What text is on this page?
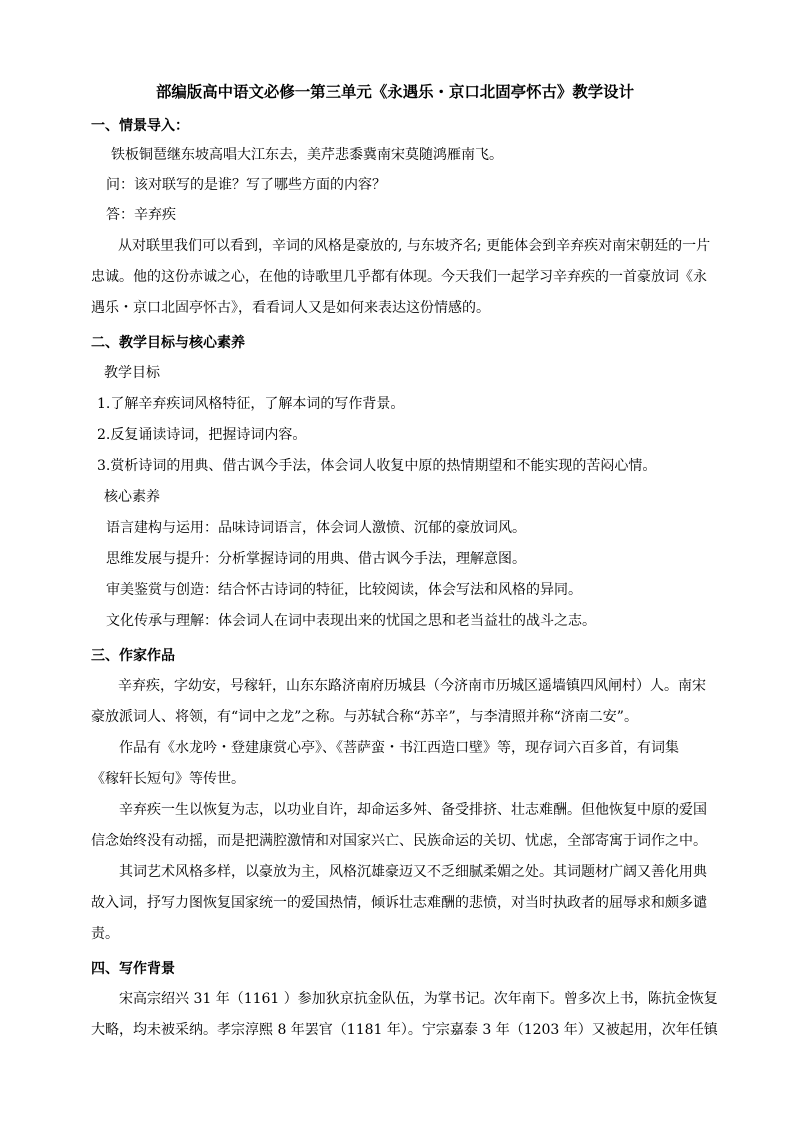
部编版高中语文必修一第三单元《永遇乐・京口北固亭怀古》教学设计
一、情景导入：
铁板铜琶继东坡高唱大江东去，美芹悲黍冀南宋莫随鸿雁南飞。
问：该对联写的是谁？写了哪些方面的内容？
答：辛弃疾
从对联里我们可以看到，辛词的风格是豪放的, 与东坡齐名; 更能体会到辛弃疾对南宋朝廷的一片
忠诚。他的这份赤诚之心，在他的诗歌里几乎都有体现。今天我们一起学习辛弃疾的一首豪放词《永
遇乐・京口北固亭怀古》，看看词人又是如何来表达这份情感的。
二、教学目标与核心素养
教学目标
1.了解辛弃疾词风格特征，了解本词的写作背景。
2.反复诵读诗词，把握诗词内容。
3.赏析诗词的用典、借古讽今手法，体会词人收复中原的热情期望和不能实现的苦闷心情。
核心素养
语言建构与运用：品味诗词语言，体会词人激愤、沉郁的豪放词风。
思维发展与提升：分析掌握诗词的用典、借古讽今手法，理解意图。
审美鉴赏与创造：结合怀古诗词的特征，比较阅读，体会写法和风格的异同。
文化传承与理解：体会词人在词中表现出来的忧国之思和老当益壮的战斗之志。
三、作家作品
辛弃疾，字幼安，号稼轩，山东东路济南府历城县（今济南市历城区遥墙镇四风闸村）人。南宋
豪放派词人、将领，有“词中之龙”之称。与苏轼合称“苏辛”，与李清照并称“济南二安”。
作品有《水龙吟・登建康赏心亭》、《菩萨蛮・书江西造口壁》等，现存词六百多首，有词集
《稼轩长短句》等传世。
辛弃疾一生以恢复为志，以功业自许，却命运多舛、备受排挤、壮志难酬。但他恢复中原的爱国
信念始终没有动摇，而是把满腔激情和对国家兴亡、民族命运的关切、忧虑，全部寄寓于词作之中。
其词艺术风格多样，以豪放为主，风格沉雄豪迈又不乏细腻柔媚之处。其词题材广阔又善化用典
故入词，抒写力图恢复国家统一的爱国热情，倾诉壮志难酬的悲愤，对当时执政者的屈辱求和颇多谴
责。
四、写作背景
宋高宗绍兴 31 年（1161 ）参加狄京抗金队伍，为掌书记。次年南下。曾多次上书，陈抗金恢复
大略，均未被采纳。孝宗淳熙 8 年罢官（1181 年）。宁宗嘉泰 3 年（1203 年）又被起用，次年任镇
